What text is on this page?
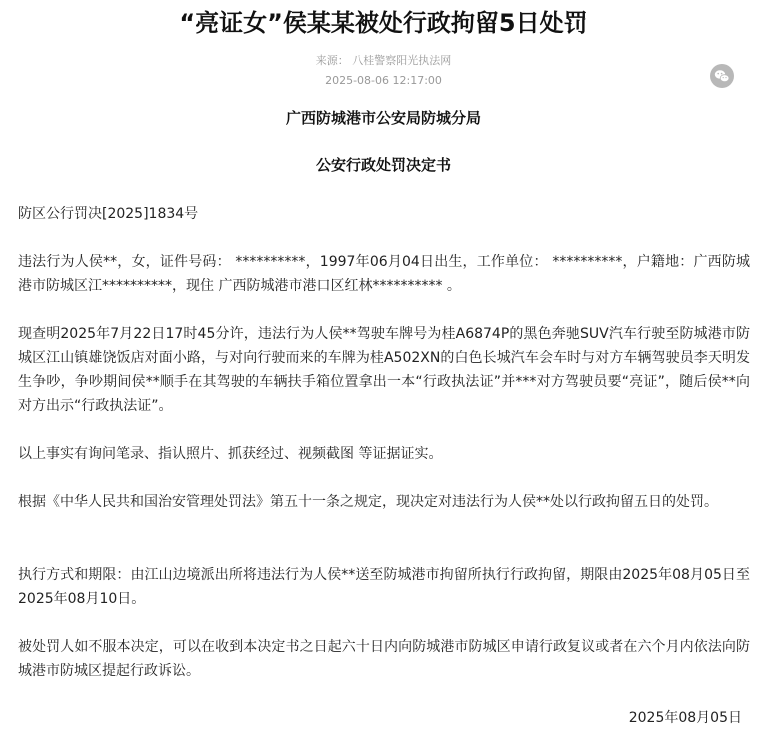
“亮证女”侯某某被处行政拘留5日处罚
来源： 八桂警察阳光执法网
2025-08-06 12:17:00
广西防城港市公安局防城分局
公安行政处罚决定书
防区公行罚决[2025]1834号
违法行为人侯**，女，证件号码： **********，1997年06月04日出生，工作单位： **********，户籍地：广西防城港市防城区江**********，现住 广西防城港市港口区红林********** 。
现查明2025年7月22日17时45分许，违法行为人侯**驾驶车牌号为桂A6874P的黑色奔驰SUV汽车行驶至防城港市防城区江山镇雄饶饭店对面小路，与对向行驶而来的车牌为桂A502XN的白色长城汽车会车时与对方车辆驾驶员李天明发生争吵，争吵期间侯**顺手在其驾驶的车辆扶手箱位置拿出一本“行政执法证”并***对方驾驶员要“亮证”，随后侯**向对方出示“行政执法证”。
以上事实有询问笔录、指认照片、抓获经过、视频截图 等证据证实。
根据《中华人民共和国治安管理处罚法》第五十一条之规定，现决定对违法行为人侯**处以行政拘留五日的处罚。
执行方式和期限：由江山边境派出所将违法行为人侯**送至防城港市拘留所执行行政拘留，期限由2025年08月05日至2025年08月10日。
被处罚人如不服本决定，可以在收到本决定书之日起六十日内向防城港市防城区申请行政复议或者在六个月内依法向防城港市防城区提起行政诉讼。
2025年08月05日
